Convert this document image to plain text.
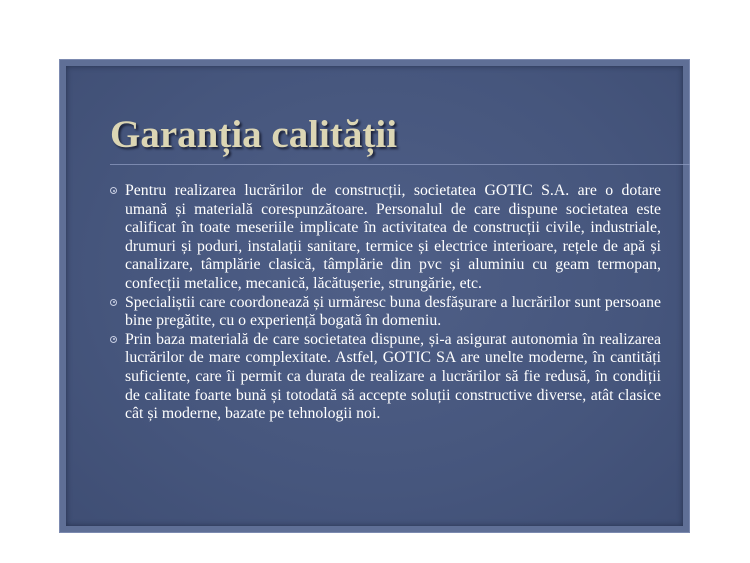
Garanția calității
Pentru realizarea lucrărilor de construcții, societatea GOTIC S.A. are o dotare umană și materială corespunzătoare. Personalul de care dispune societatea este calificat în toate meseriile implicate în activitatea de construcții civile, industriale, drumuri și poduri, instalații sanitare, termice și electrice interioare, rețele de apă și canalizare, tâmplărie clasică, tâmplărie din pvc și aluminiu cu geam termopan, confecții metalice, mecanică, lăcătușerie, strungărie, etc.
Specialiștii care coordonează și urmăresc buna desfășurare a lucrărilor sunt persoane bine pregătite, cu o experiență bogată în domeniu.
Prin baza materială de care societatea dispune, și-a asigurat autonomia în realizarea lucrărilor de mare complexitate. Astfel, GOTIC SA are unelte moderne, în cantități suficiente, care îi permit ca durata de realizare a lucrărilor să fie redusă, în condiții de calitate foarte bună și totodată să accepte soluții constructive diverse, atât clasice cât și moderne, bazate pe tehnologii noi.
